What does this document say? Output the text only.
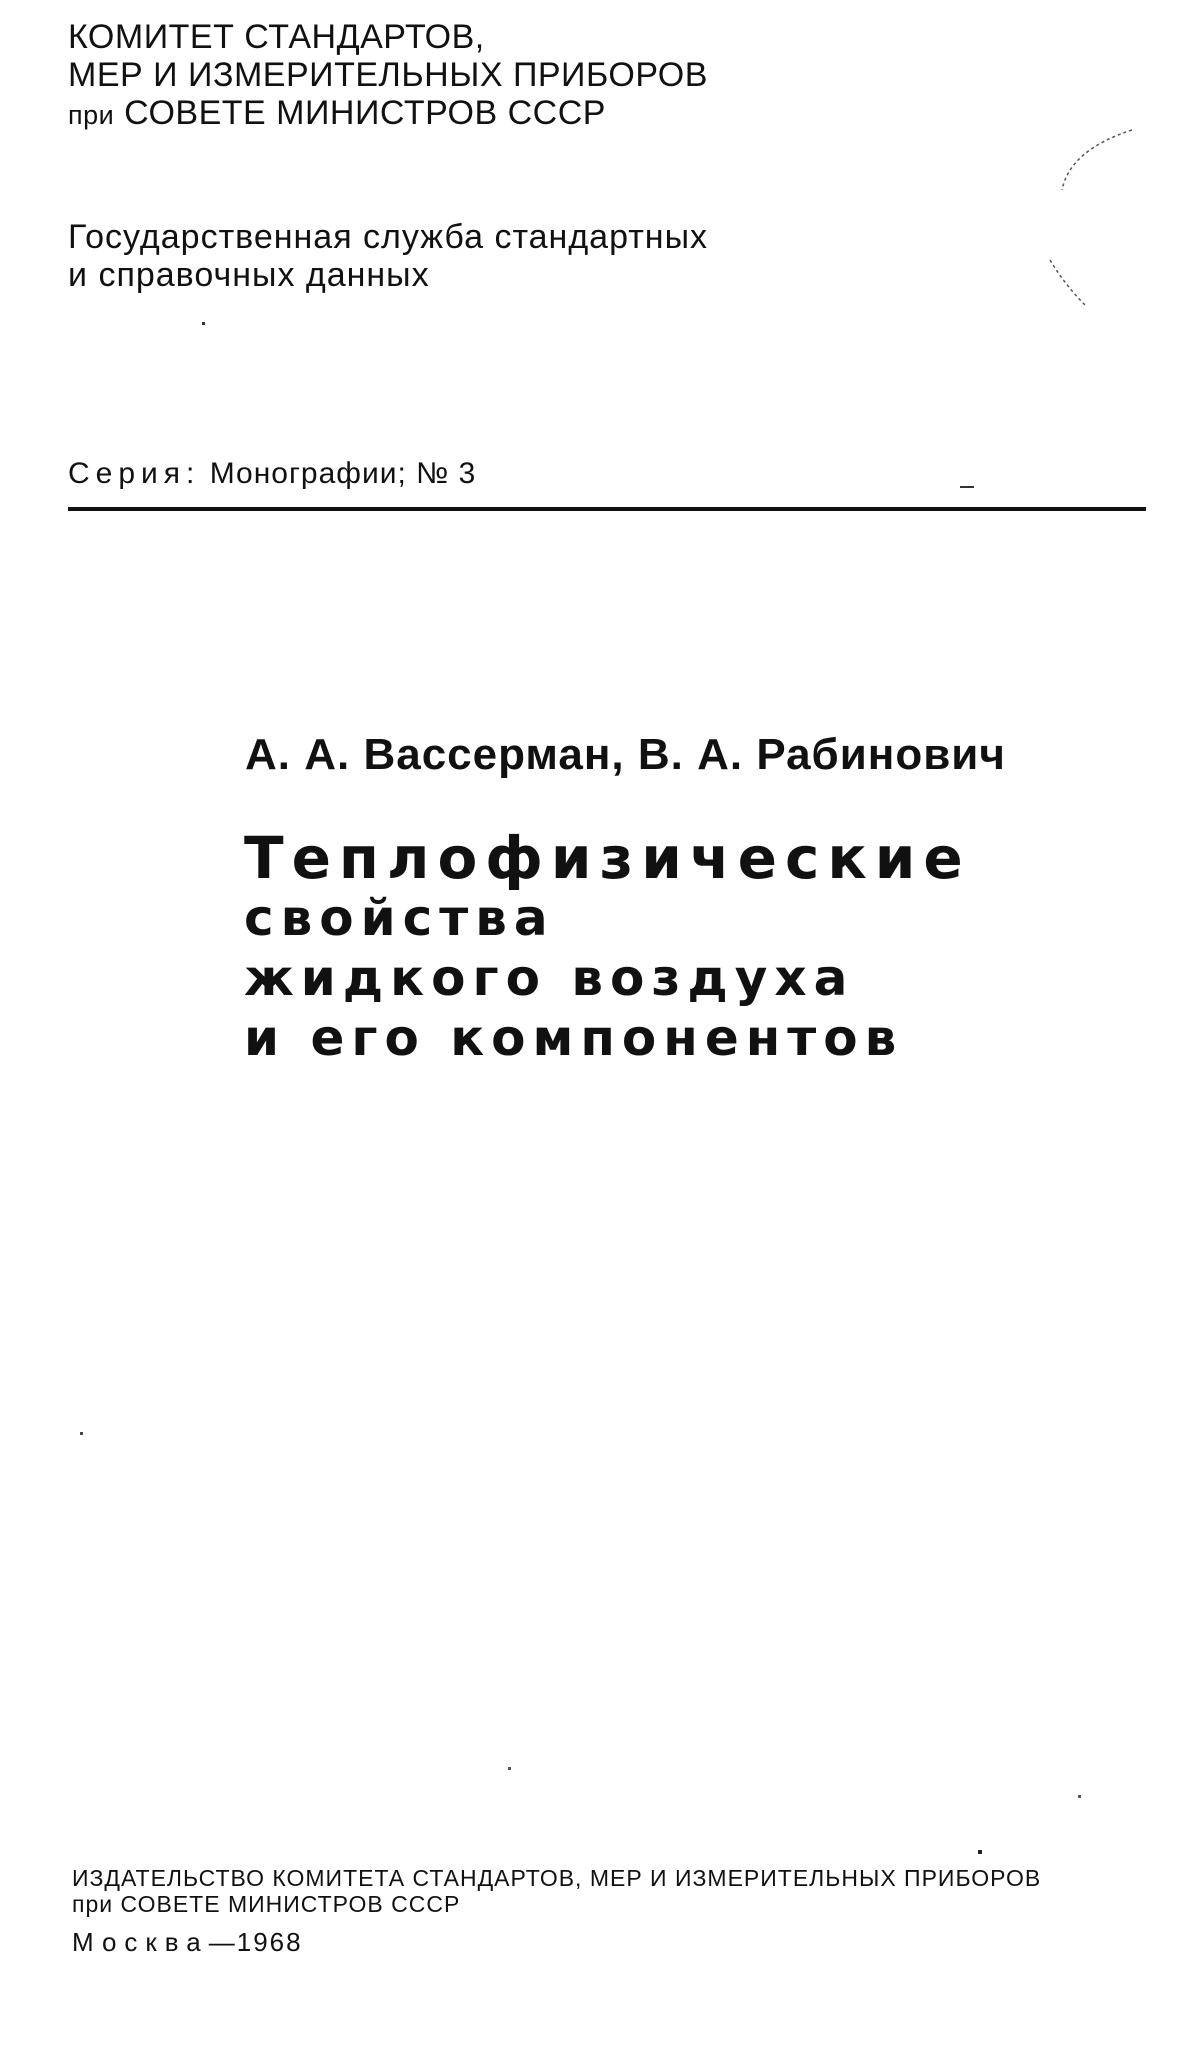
КОМИТЕТ СТАНДАРТОВ,
МЕР И ИЗМЕРИТЕЛЬНЫХ ПРИБОРОВ
при СОВЕТЕ МИНИСТРОВ СССР
Государственная служба стандартных
и справочных данных
Серия: Монографии; № 3
А. А. Вассерман, В. А. Рабинович
Теплофизические
свойства
жидкого воздуха
и его компонентов
ИЗДАТЕЛЬСТВО КОМИТЕТА СТАНДАРТОВ, МЕР И ИЗМЕРИТЕЛЬНЫХ ПРИБОРОВ
при СОВЕТЕ МИНИСТРОВ СССР
Москва—1968
